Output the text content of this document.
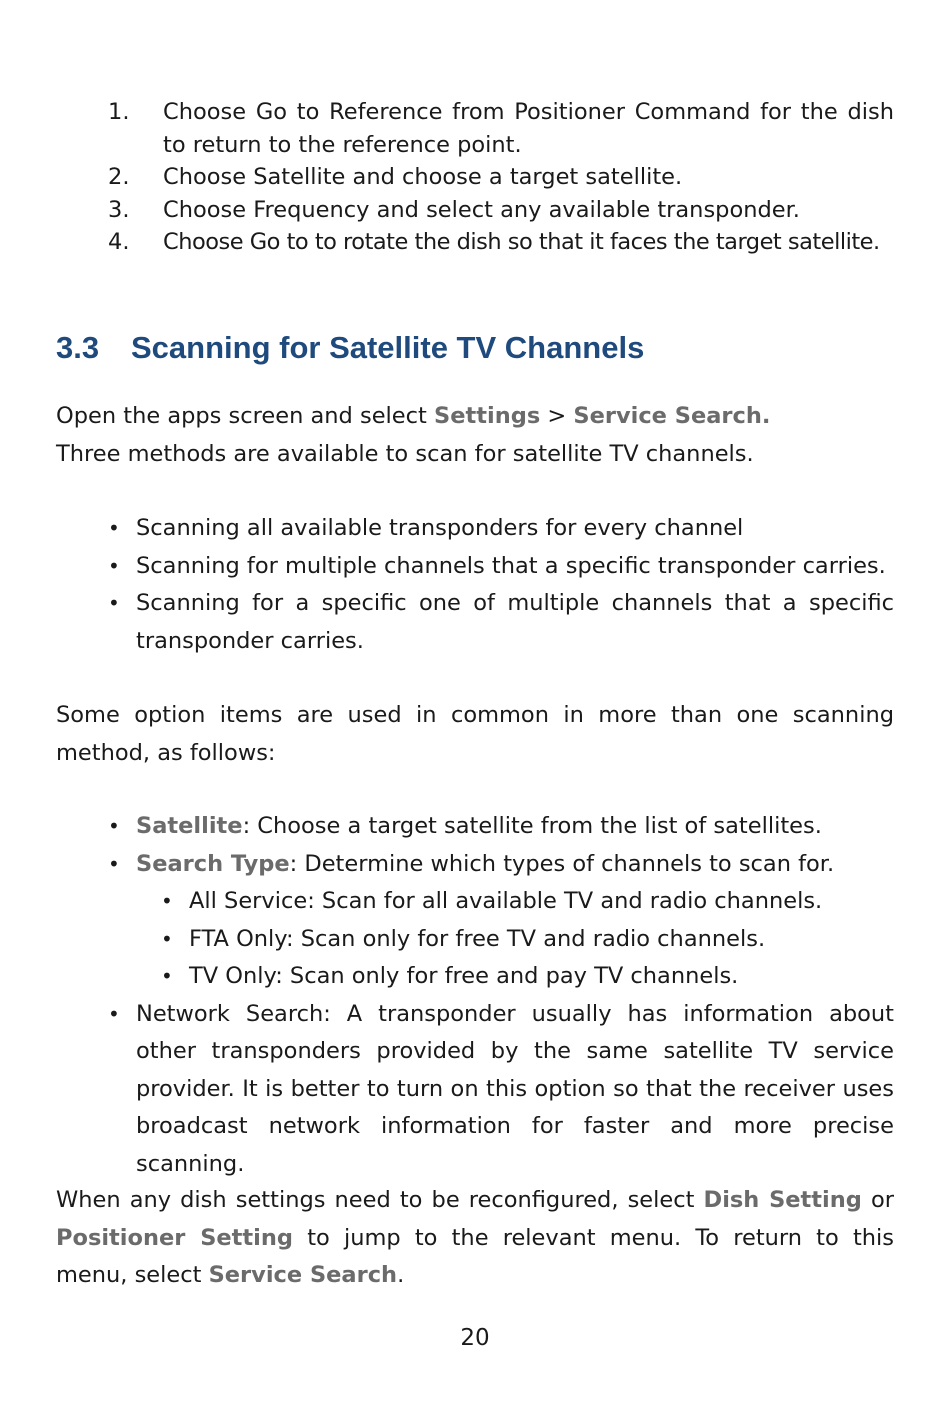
1.	Choose Go to Reference from Positioner Command for the dish to return to the reference point.
2.	Choose Satellite and choose a target satellite.
3.	Choose Frequency and select any available transponder.
4.	Choose Go to to rotate the dish so that it faces the target satellite.
3.3	Scanning for Satellite TV Channels
Open the apps screen and select Settings > Service Search.
Three methods are available to scan for satellite TV channels.
• Scanning all available transponders for every channel
• Scanning for multiple channels that a specific transponder carries.
• Scanning for a specific one of multiple channels that a specific transponder carries.
Some option items are used in common in more than one scanning method, as follows:
• Satellite: Choose a target satellite from the list of satellites.
• Search Type: Determine which types of channels to scan for.
• All Service: Scan for all available TV and radio channels.
• FTA Only: Scan only for free TV and radio channels.
• TV Only: Scan only for free and pay TV channels.
• Network Search: A transponder usually has information about other transponders provided by the same satellite TV service provider. It is better to turn on this option so that the receiver uses broadcast network information for faster and more precise scanning.
When any dish settings need to be reconfigured, select Dish Setting or Positioner Setting to jump to the relevant menu. To return to this menu, select Service Search.
20
